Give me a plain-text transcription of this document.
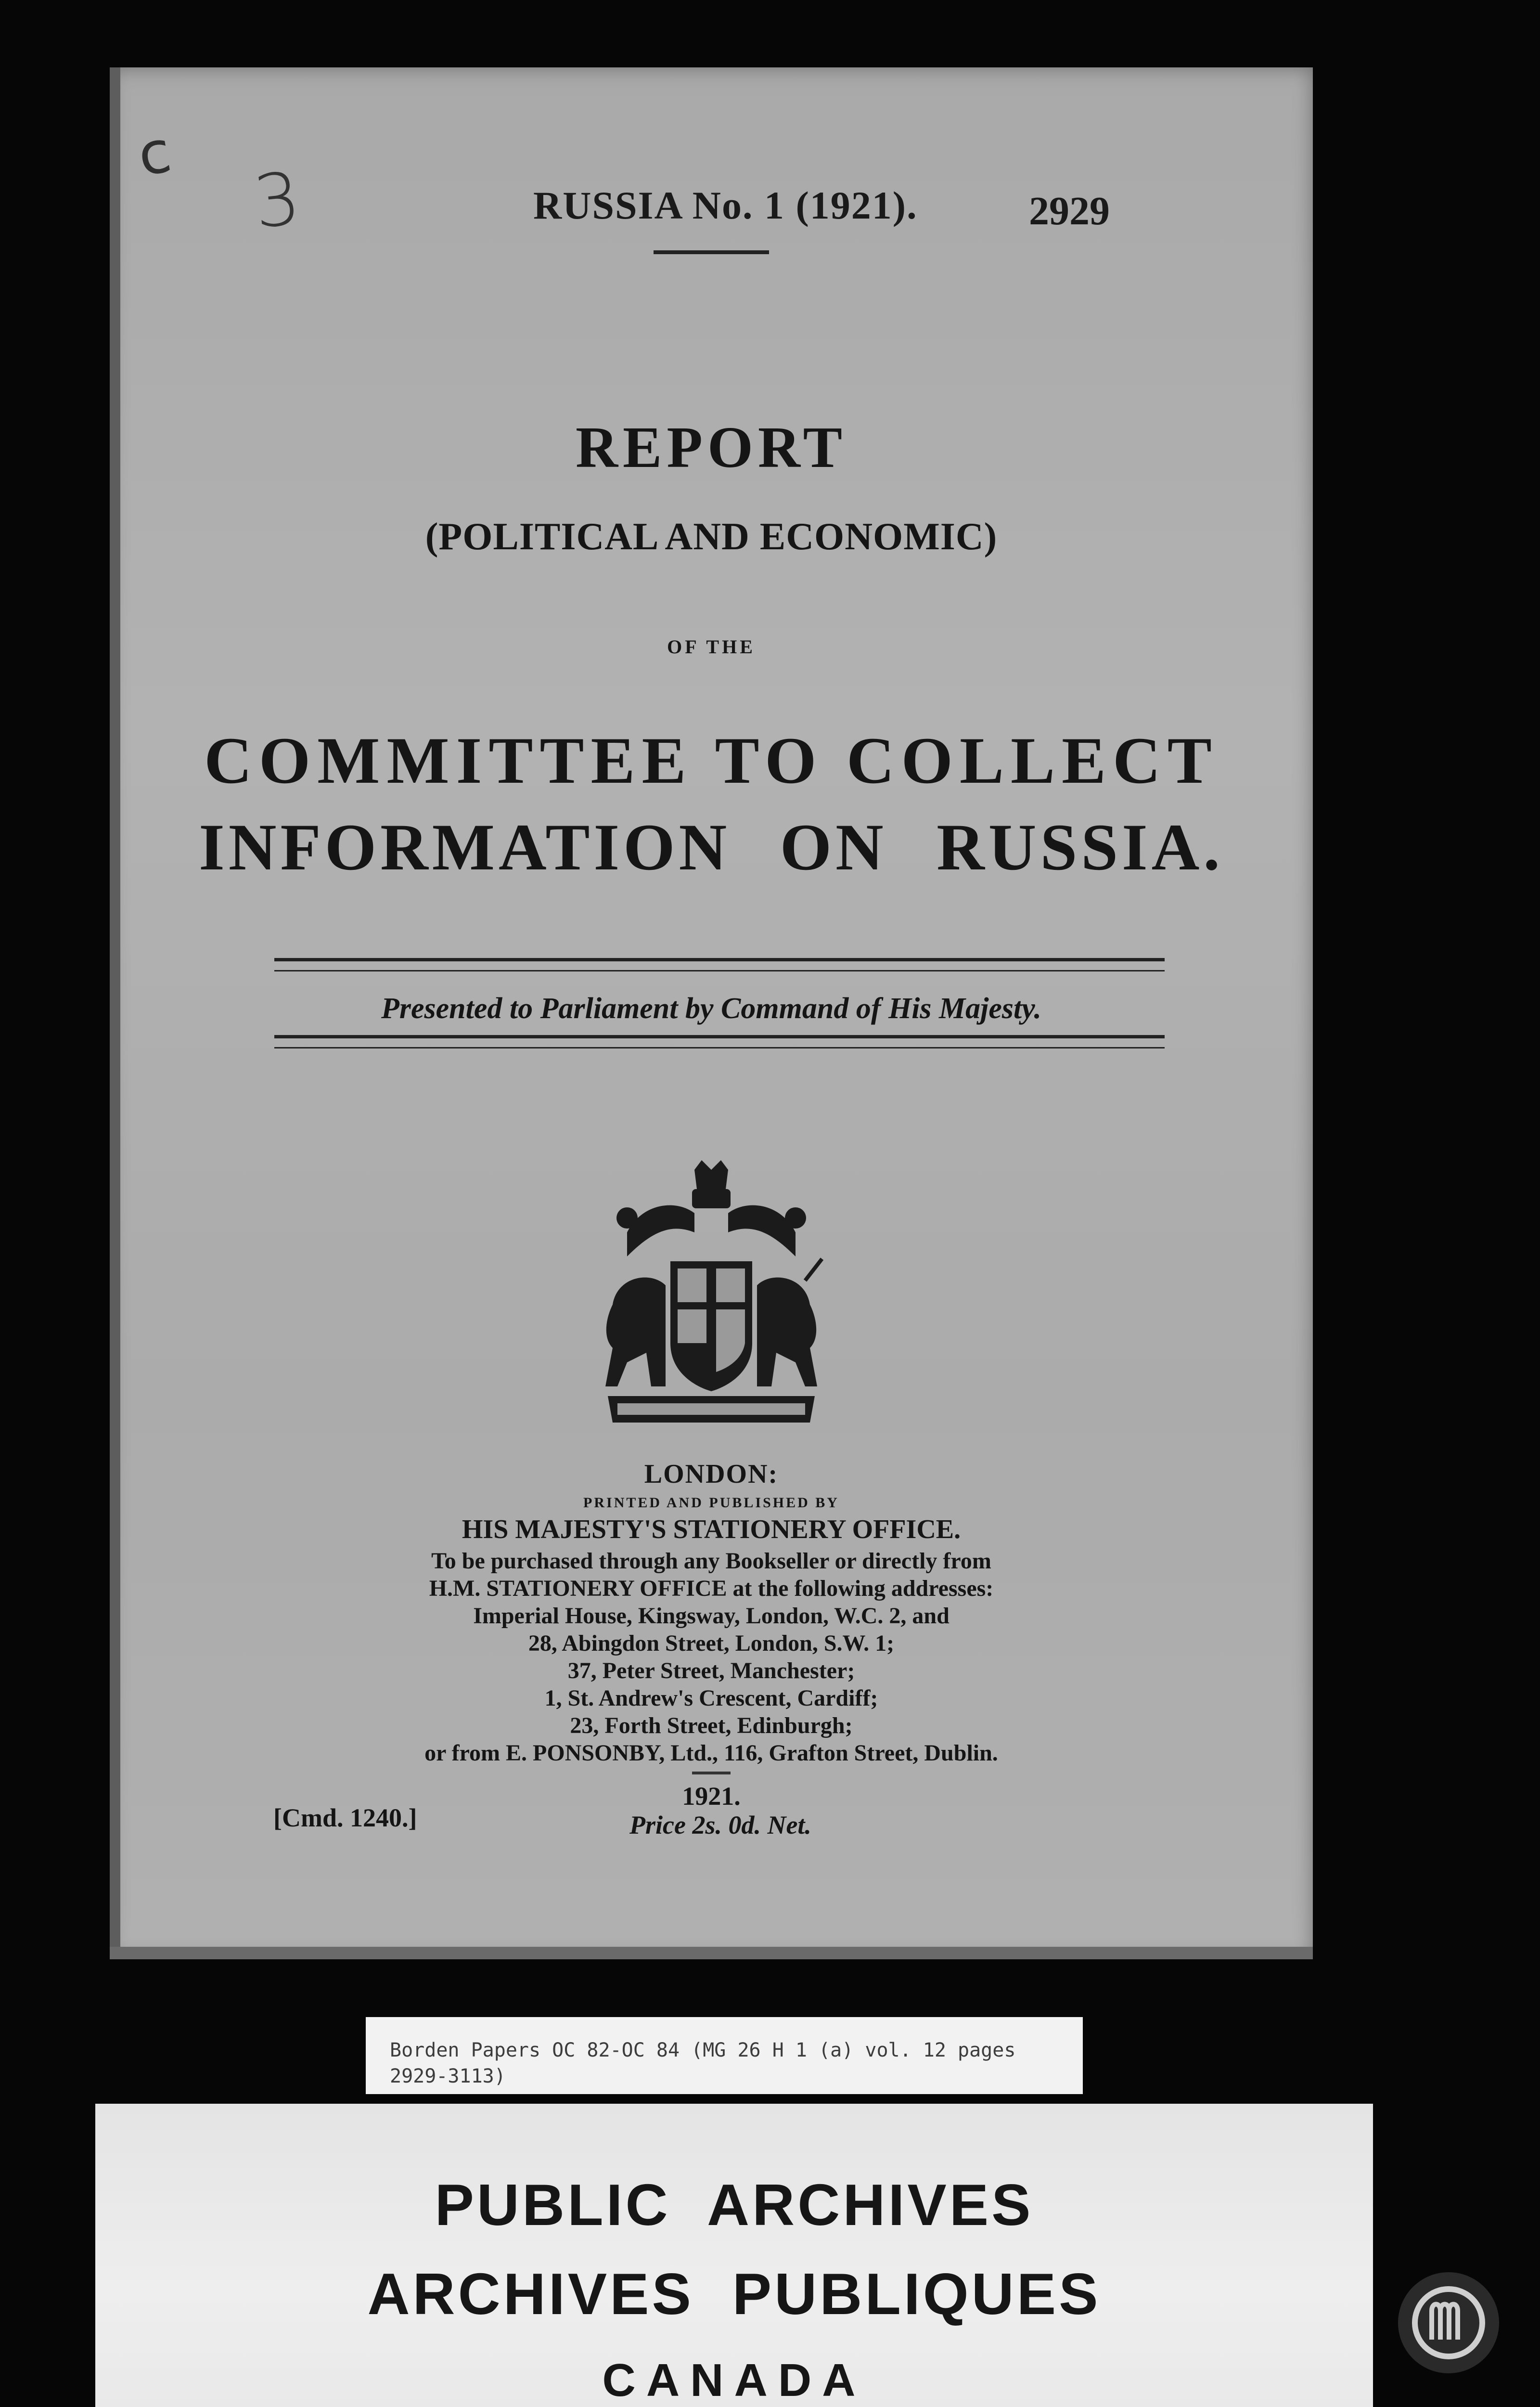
c
3	RUSSIA No. 1 (1921).	2929
REPORT
(POLITICAL AND ECONOMIC)
OF THE
COMMITTEE TO COLLECT
INFORMATION ON RUSSIA.
Presented to Parliament by Command of His Majesty.
LONDON:
PRINTED AND PUBLISHED BY
HIS MAJESTY'S STATIONERY OFFICE.
To be purchased through any Bookseller or directly from
H.M. STATIONERY OFFICE at the following addresses:
Imperial House, Kingsway, London, W.C. 2, and
28, Abingdon Street, London, S.W. 1;
37, Peter Street, Manchester;
1, St. Andrew's Crescent, Cardiff;
23, Forth Street, Edinburgh;
or from E. PONSONBY, Ltd., 116, Grafton Street, Dublin.
1921.
Price 2s. 0d. Net.
[Cmd. 1240.]
Borden Papers OC 82-OC 84 (MG 26 H 1 (a) vol. 12 pages 2929-3113)
PUBLIC ARCHIVES
ARCHIVES PUBLIQUES
CANADA
